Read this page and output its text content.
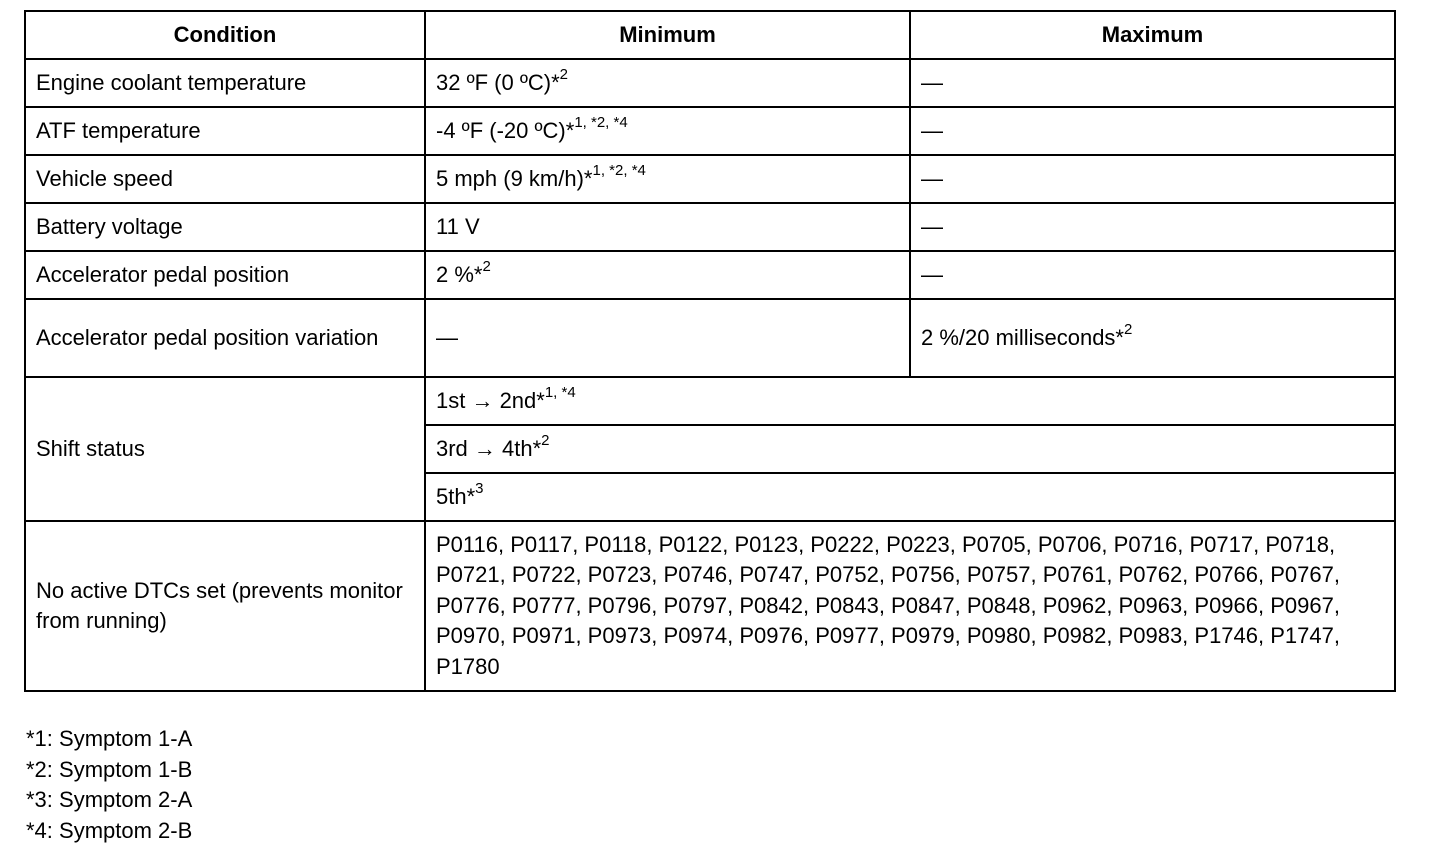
Condition	Minimum	Maximum
Engine coolant temperature	32 ºF (0 ºC)*$^2$	—
ATF temperature	-4 ºF (-20 ºC)*$^{1, *2, *4}$	—
Vehicle speed	5 mph (9 km/h)*$^{1, *2, *4}$	—
Battery voltage	11 V	—
Accelerator pedal position	2 %*$^2$	—
Accelerator pedal position variation	—	2 %/20 milliseconds*$^2$
Shift status	1st → 2nd*$^{1, *4}$
	3rd → 4th*$^2$
	5th*$^3$
No active DTCs set (prevents monitor from running)	P0116, P0117, P0118, P0122, P0123, P0222, P0223, P0705, P0706, P0716, P0717, P0718, P0721, P0722, P0723, P0746, P0747, P0752, P0756, P0757, P0761, P0762, P0766, P0767, P0776, P0777, P0796, P0797, P0842, P0843, P0847, P0848, P0962, P0963, P0966, P0967, P0970, P0971, P0973, P0974, P0976, P0977, P0979, P0980, P0982, P0983, P1746, P1747, P1780	
*1: Symptom 1-A
*2: Symptom 1-B
*3: Symptom 2-A
*4: Symptom 2-B
